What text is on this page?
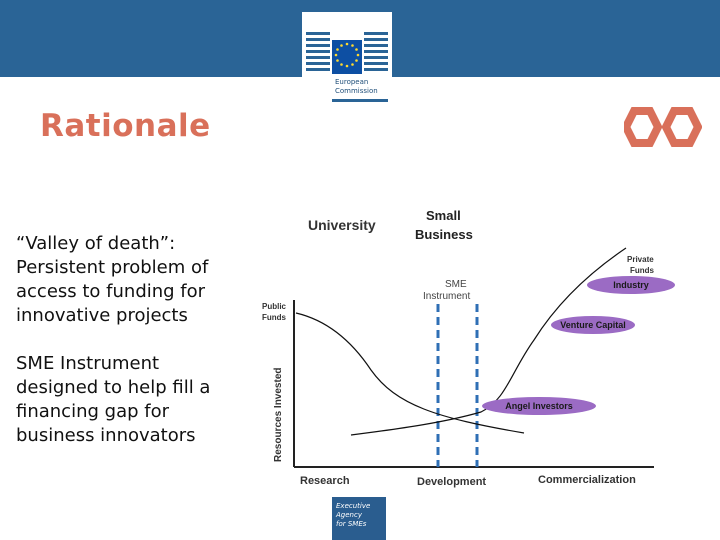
European
Commission
Rationale
“Valley of death”:
Persistent problem of
access to funding for
innovative projects
SME Instrument
designed to help fill a
financing gap for
business innovators
University
Small
Business
SME
Instrument
Public
Funds
Private
Funds
Resources Invested
Industry
Venture Capital
Angel Investors
Research	Development	Commercialization
Executive
Agency
for SMEs
